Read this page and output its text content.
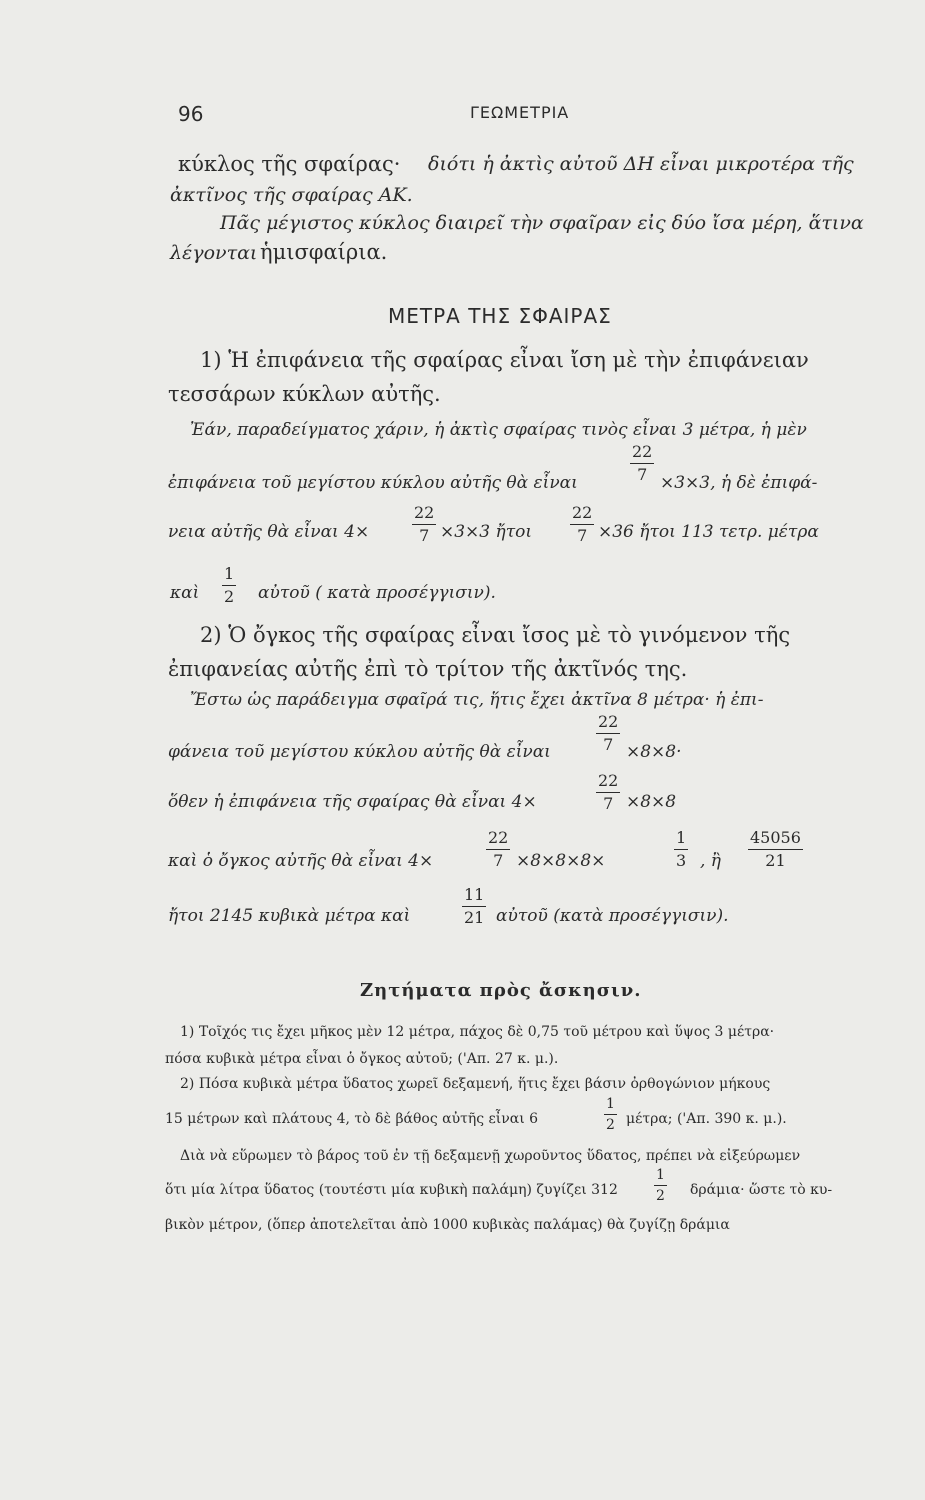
96	ΓΕΩΜΕΤΡΙΑ
κύκλος τῆς σφαίρας· διότι ἡ ἀκτὶς αὐτοῦ ΔΗ εἶναι μικροτέρα τῆς
ἀκτῖνος τῆς σφαίρας ΑΚ.
Πᾶς μέγιστος κύκλος διαιρεῖ τὴν σφαῖραν εἰς δύο ἴσα μέρη, ἅτινα
λέγονται ἡμισφαίρια.
ΜΕΤΡΑ ΤΗΣ ΣΦΑΙΡΑΣ
1) Ἡ ἐπιφάνεια τῆς σφαίρας εἶναι ἴση μὲ τὴν ἐπιφάνειαν
τεσσάρων κύκλων αὐτῆς.
Ἐάν, παραδείγματος χάριν, ἡ ἀκτὶς σφαίρας τινὸς εἶναι 3 μέτρα, ἡ μὲν
ἐπιφάνεια τοῦ μεγίστου κύκλου αὐτῆς θὰ εἶναι	$\frac{22}{7} \times 3\times 3$, ἡ δὲ ἐπιφά-
νεια αὐτῆς θὰ εἶναι 4×	$\frac{22}{7} \times 3\times 3$ ἤτοι $\frac{22}{7} \times 36$ ἤτοι 113 τετρ. μέτρα
καὶ $\frac{1}{2}$ αὐτοῦ ( κατὰ προσέγγισιν).
2) Ὁ ὄγκος τῆς σφαίρας εἶναι ἴσος μὲ τὸ γινόμενον τῆς
ἐπιφανείας αὐτῆς ἐπὶ τὸ τρίτον τῆς ἀκτῖνός της.
Ἔστω ὡς παράδειγμα σφαῖρά τις, ἥτις ἔχει ἀκτῖνα 8 μέτρα· ἡ ἐπι-
φάνεια τοῦ μεγίστου κύκλου αὐτῆς θὰ εἶναι	$\frac{22}{7} \times 8\times 8\cdot$
ὅθεν ἡ ἐπιφάνεια τῆς σφαίρας θὰ εἶναι 4×	$\frac{22}{7} \times 8\times 8$
καὶ ὁ ὄγκος αὐτῆς θὰ εἶναι 4×	$\frac{22}{7} \times 8\times 8\times 8\times$	$\frac{1}{3}$ , ἢ $\frac{45056}{21}$
ἤτοι 2145 κυβικὰ μέτρα καὶ	$\frac{11}{21}$ αὐτοῦ (κατὰ προσέγγισιν).
Ζητήματα πρὸς ἄσκησιν.
1) Τοῖχός τις ἔχει μῆκος μὲν 12 μέτρα, πάχος δὲ 0,75 τοῦ μέτρου καὶ ὕψος 3 μέτρα·
πόσα κυβικὰ μέτρα εἶναι ὁ ὄγκος αὐτοῦ; ('Απ. 27 κ. μ.).
2) Πόσα κυβικὰ μέτρα ὕδατος χωρεῖ δεξαμενή, ἥτις ἔχει βάσιν ὀρθογώνιον μήκους
15 μέτρων καὶ πλάτους 4, τὸ δὲ βάθος αὐτῆς εἶναι 6	$\frac{1}{2} \mu έ\tau\rho\alpha$; ('Απ. 390 κ. μ.).
Διὰ νὰ εὕρωμεν τὸ βάρος τοῦ ἐν τῇ δεξαμενῇ χωροῦντος ὕδατος, πρέπει νὰ εἰξεύρωμεν
ὅτι μία λίτρα ὕδατος (τουτέστι μία κυβικὴ παλάμη) ζυγίζει 312	$\frac{1}{2} \delta\rho ά\mu\iota\alpha\cdot$ ὥστε τὸ κυ-
βικὸν μέτρον, (ὅπερ ἀποτελεῖται ἀπὸ 1000 κυβικὰς παλάμας) θὰ ζυγίζῃ δράμια
